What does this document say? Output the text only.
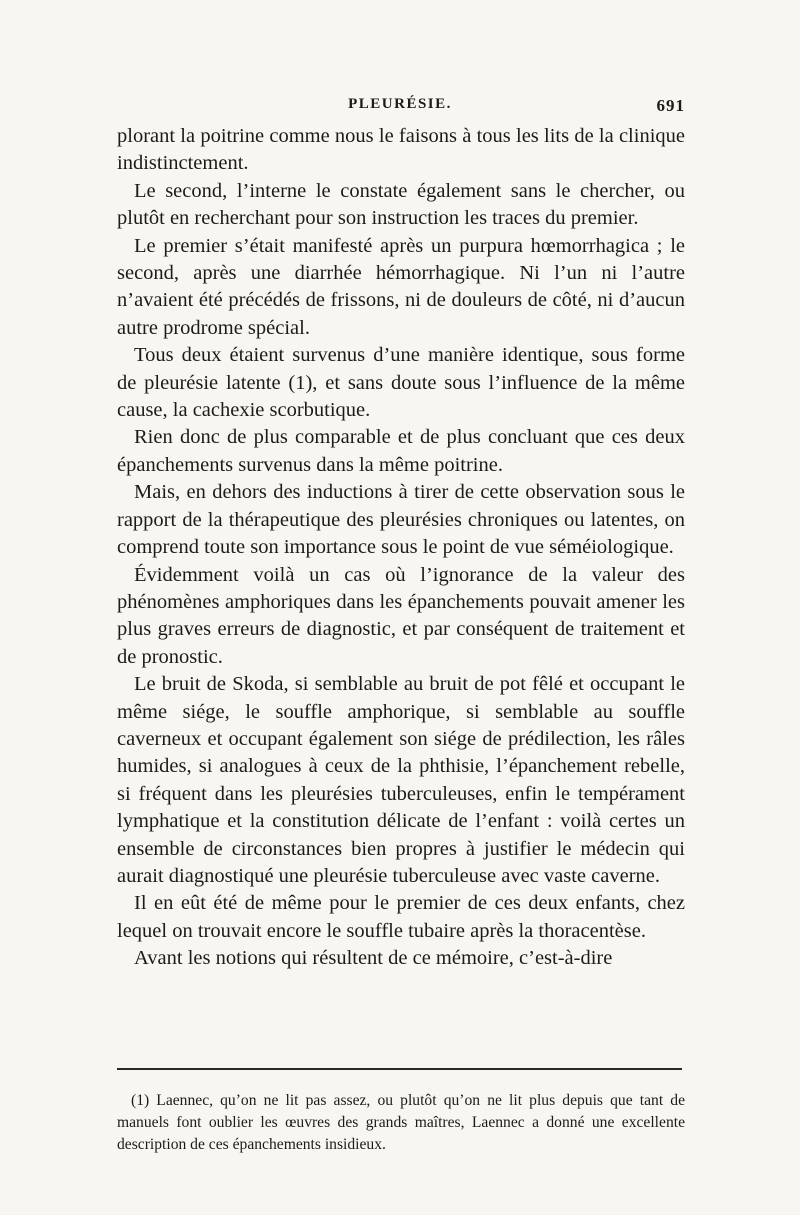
PLEURÉSIE.	691

plorant la poitrine comme nous le faisons à tous les lits de la clinique indistinctement.

Le second, l’interne le constate également sans le chercher, ou plutôt en recherchant pour son instruction les traces du premier.

Le premier s’était manifesté après un purpura hœmorrhagica ; le second, après une diarrhée hémorrhagique. Ni l’un ni l’autre n’avaient été précédés de frissons, ni de douleurs de côté, ni d’aucun autre prodrome spécial.

Tous deux étaient survenus d’une manière identique, sous forme de pleurésie latente (1), et sans doute sous l’influence de la même cause, la cachexie scorbutique.

Rien donc de plus comparable et de plus concluant que ces deux épanchements survenus dans la même poitrine.

Mais, en dehors des inductions à tirer de cette observation sous le rapport de la thérapeutique des pleurésies chroniques ou latentes, on comprend toute son importance sous le point de vue séméiologique.

Évidemment voilà un cas où l’ignorance de la valeur des phénomènes amphoriques dans les épanchements pouvait amener les plus graves erreurs de diagnostic, et par conséquent de traitement et de pronostic.

Le bruit de Skoda, si semblable au bruit de pot fêlé et occupant le même siége, le souffle amphorique, si semblable au souffle caverneux et occupant également son siége de prédilection, les râles humides, si analogues à ceux de la phthisie, l’épanchement rebelle, si fréquent dans les pleurésies tuberculeuses, enfin le tempérament lymphatique et la constitution délicate de l’enfant : voilà certes un ensemble de circonstances bien propres à justifier le médecin qui aurait diagnostiqué une pleurésie tuberculeuse avec vaste caverne.

Il en eût été de même pour le premier de ces deux enfants, chez lequel on trouvait encore le souffle tubaire après la thoracentèse.

Avant les notions qui résultent de ce mémoire, c’est-à-dire

(1) Laennec, qu’on ne lit pas assez, ou plutôt qu’on ne lit plus depuis que tant de manuels font oublier les œuvres des grands maîtres, Laennec a donné une excellente description de ces épanchements insidieux.
